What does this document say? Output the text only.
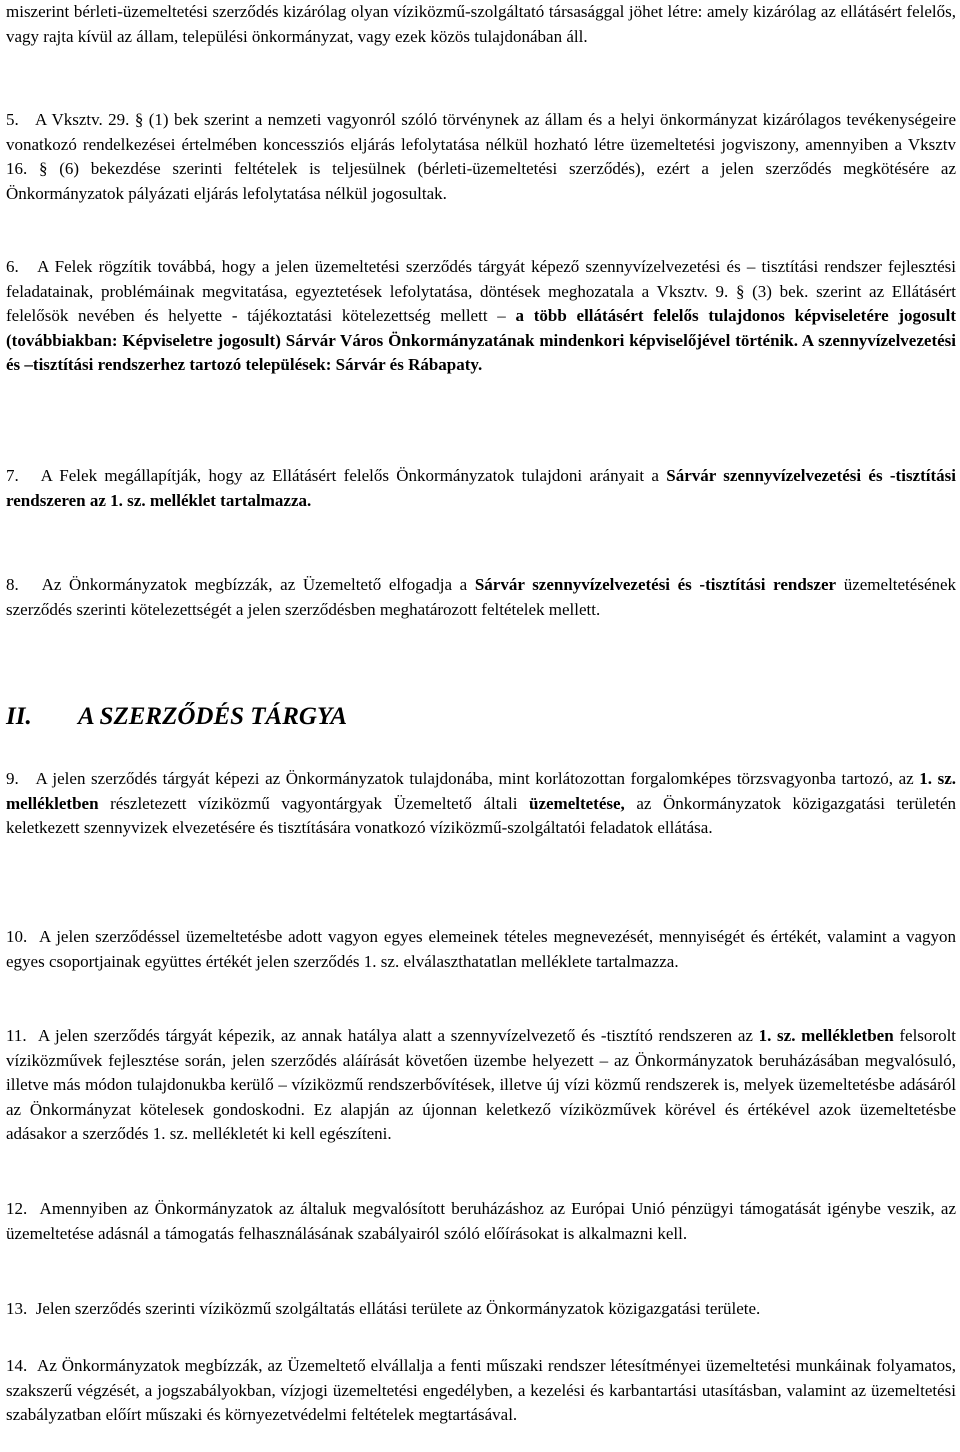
miszerint bérleti-üzemeltetési szerződés kizárólag olyan víziközmű-szolgáltató társasággal jöhet létre: amely kizárólag az ellátásért felelős, vagy rajta kívül az állam, települési önkormányzat, vagy ezek közös tulajdonában áll.

5.   A Vksztv. 29. § (1) bek szerint a nemzeti vagyonról szóló törvénynek az állam és a helyi önkormányzat kizárólagos tevékenységeire vonatkozó rendelkezései értelmében koncessziós eljárás lefolytatása nélkül hozható létre üzemeltetési jogviszony, amennyiben a Vksztv 16. § (6) bekezdése szerinti feltételek is teljesülnek (bérleti-üzemeltetési szerződés), ezért a jelen szerződés megkötésére az Önkormányzatok pályázati eljárás lefolytatása nélkül jogosultak.

6.   A Felek rögzítik továbbá, hogy a jelen üzemeltetési szerződés tárgyát képező szennyvízelvezetési és – tisztítási rendszer fejlesztési feladatainak, problémáinak megvitatása, egyeztetések lefolytatása, döntések meghozatala a Vksztv. 9. § (3) bek. szerint az Ellátásért felelősök nevében és helyette - tájékoztatási kötelezettség mellett – a több ellátásért felelős tulajdonos képviseletére jogosult (továbbiakban: Képviseletre jogosult) Sárvár Város Önkormányzatának mindenkori képviselőjével történik. A szennyvízelvezetési és –tisztítási rendszerhez tartozó települések: Sárvár és Rábapaty.

7.   A Felek megállapítják, hogy az Ellátásért felelős Önkormányzatok tulajdoni arányait a Sárvár szennyvízelvezetési és -tisztítási rendszeren az 1. sz. melléklet tartalmazza.

8.   Az Önkormányzatok megbízzák, az Üzemeltető elfogadja a Sárvár szennyvízelvezetési és -tisztítási rendszer üzemeltetésének szerződés szerinti kötelezettségét a jelen szerződésben meghatározott feltételek mellett.

II. A SZERZŐDÉS TÁRGYA

9.   A jelen szerződés tárgyát képezi az Önkormányzatok tulajdonába, mint korlátozottan forgalomképes törzsvagyonba tartozó, az 1. sz. mellékletben részletezett víziközmű vagyontárgyak Üzemeltető általi üzemeltetése, az Önkormányzatok közigazgatási területén keletkezett szennyvizek elvezetésére és tisztítására vonatkozó víziközmű-szolgáltatói feladatok ellátása.

10.  A jelen szerződéssel üzemeltetésbe adott vagyon egyes elemeinek tételes megnevezését, mennyiségét és értékét, valamint a vagyon egyes csoportjainak együttes értékét jelen szerződés 1. sz. elválaszthatatlan melléklete tartalmazza.

11.  A jelen szerződés tárgyát képezik, az annak hatálya alatt a szennyvízelvezető és -tisztító rendszeren az 1. sz. mellékletben felsorolt víziközművek fejlesztése során, jelen szerződés aláírását követően üzembe helyezett – az Önkormányzatok beruházásában megvalósuló, illetve más módon tulajdonukba kerülő – víziközmű rendszerbővítések, illetve új vízi közmű rendszerek is, melyek üzemeltetésbe adásáról az Önkormányzat kötelesek gondoskodni. Ez alapján az újonnan keletkező víziközművek körével és értékével azok üzemeltetésbe adásakor a szerződés 1. sz. mellékletét ki kell egészíteni.

12.  Amennyiben az Önkormányzatok az általuk megvalósított beruházáshoz az Európai Unió pénzügyi támogatását igénybe veszik, az üzemeltetése adásnál a támogatás felhasználásának szabályairól szóló előírásokat is alkalmazni kell.

13.  Jelen szerződés szerinti víziközmű szolgáltatás ellátási területe az Önkormányzatok közigazgatási területe.

14.  Az Önkormányzatok megbízzák, az Üzemeltető elvállalja a fenti műszaki rendszer létesítményei üzemeltetési munkáinak folyamatos, szakszerű végzését, a jogszabályokban, vízjogi üzemeltetési engedélyben, a kezelési és karbantartási utasításban, valamint az üzemeltetési szabályzatban előírt műszaki és környezetvédelmi feltételek megtartásával.
